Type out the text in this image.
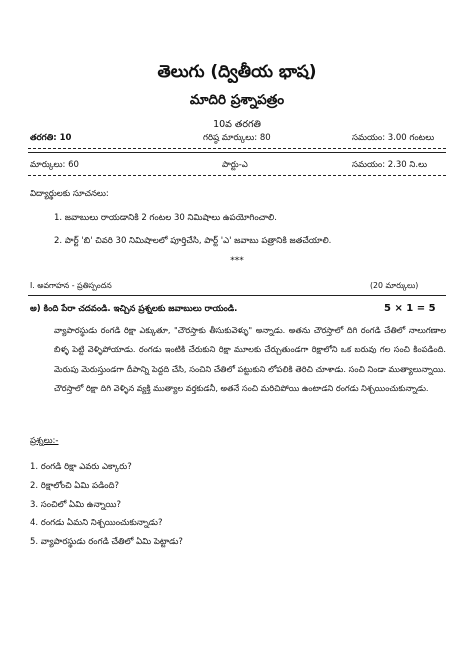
తెలుగు (ద్వితీయ భాష)
మాదిరి ప్రశ్నాపత్రం
10వ తరగతి
తరగతి: 10	గరిష్ఠ మార్కులు: 80	సమయం: 3.00 గంటలు
మార్కులు: 60	పార్టు-ఎ	సమయం: 2.30 ని.లు
విద్యార్థులకు సూచనలు:
1. జవాబులు రాయడానికి 2 గంటల 30 నిమిషాలు ఉపయోగించాలి.
2. పార్ట్ 'బి' చివరి 30 నిమిషాలలో పూర్తిచేసి, పార్ట్ 'ఎ' జవాబు పత్రానికి జతచేయాలి.
***
I. అవగాహన - ప్రతిస్పందన	(20 మార్కులు)
అ) కింది పేరా చదవండి. ఇచ్చిన ప్రశ్నలకు జవాబులు రాయండి.	5 × 1 = 5

వ్యాపారస్థుడు రంగడి రిక్షా ఎక్కుతూ, "చౌరస్తాకు తీసుకువెళ్ళు" అన్నాడు. అతను చౌరస్తాలో దిగి రంగడి చేతిలో నాలుగణాల బిళ్ళ పెట్టి వెళ్ళిపోయాడు. రంగడు ఇంటికి చేరుకుని రిక్షా మూలకు చేర్చుతుండగా రిక్షాలోని ఒక బరువు గల సంచి కింపడింది. మెరుపు మెరుస్తుండగా దీపాన్ని పెద్దది చేసి, సంచిని చేతిలో పట్టుకుని లోపలికి తెరిచి చూశాడు. సంచి నిండా ముత్యాలున్నాయి. చౌరస్తాలో రిక్షా దిగి వెళ్ళిన వ్యక్తి ముత్యాల వర్తకుడనీ, అతనే సంచి మరిచిపోయి ఉంటాడని రంగడు నిశ్చయించుకున్నాడు.

ప్రశ్నలు:-
1. రంగడి రిక్షా ఎవరు ఎక్కారు?
2. రిక్షాలోంచి ఏమి పడింది?
3. సంచిలో ఏమి ఉన్నాయి?
4. రంగడు ఏమని నిశ్చయించుకున్నాడు?
5. వ్యాపారస్థుడు రంగడి చేతిలో ఏమి పెట్టాడు?
